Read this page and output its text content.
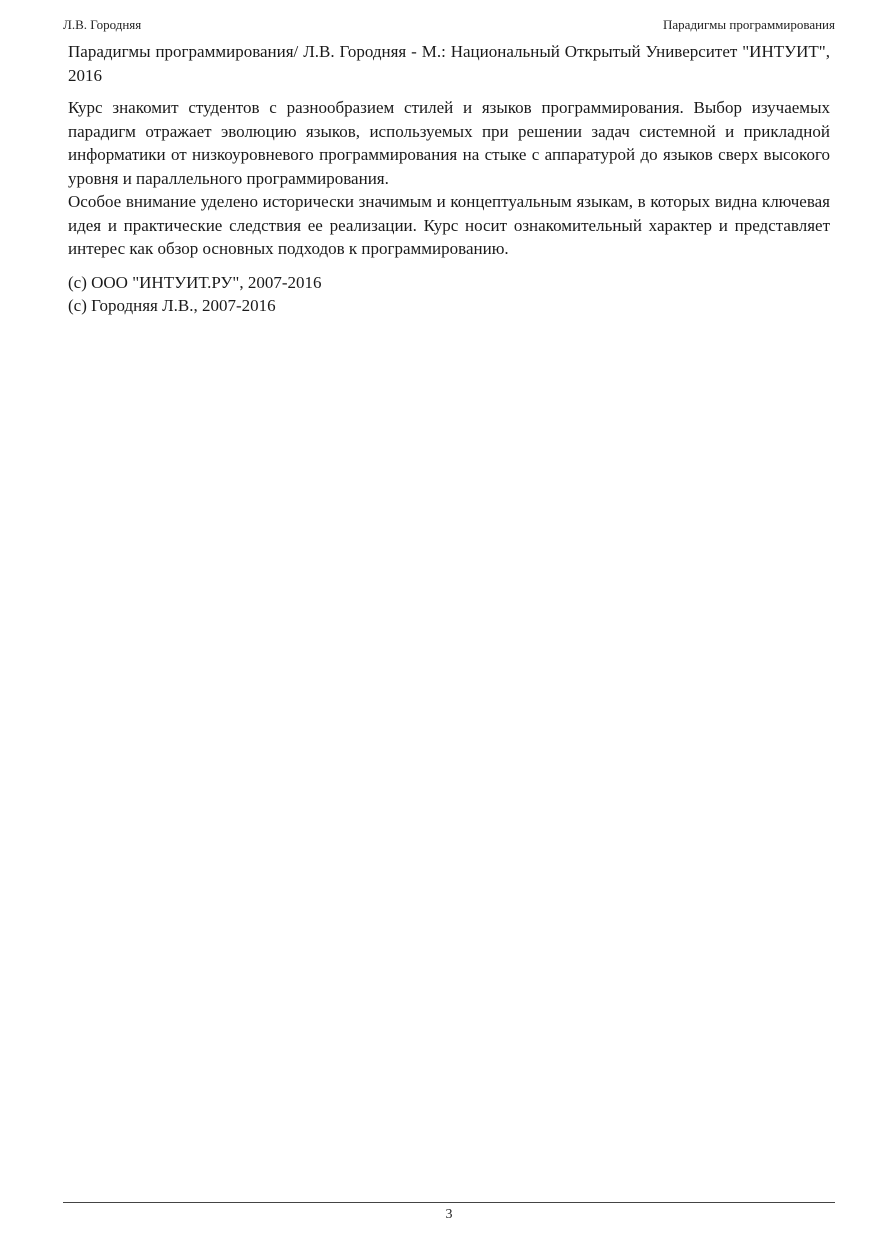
Л.В. Городняя	Парадигмы программирования

Парадигмы программирования/ Л.В. Городняя - М.: Национальный Открытый Университет "ИНТУИТ", 2016

Курс знакомит студентов с разнообразием стилей и языков программирования. Выбор изучаемых парадигм отражает эволюцию языков, используемых при решении задач системной и прикладной информатики от низкоуровневого программирования на стыке с аппаратурой до языков сверх высокого уровня и параллельного программирования.

Особое внимание уделено исторически значимым и концептуальным языкам, в которых видна ключевая идея и практические следствия ее реализации. Курс носит ознакомительный характер и представляет интерес как обзор основных подходов к программированию.

(c) ООО "ИНТУИТ.РУ", 2007-2016
(c) Городняя Л.В., 2007-2016
3
